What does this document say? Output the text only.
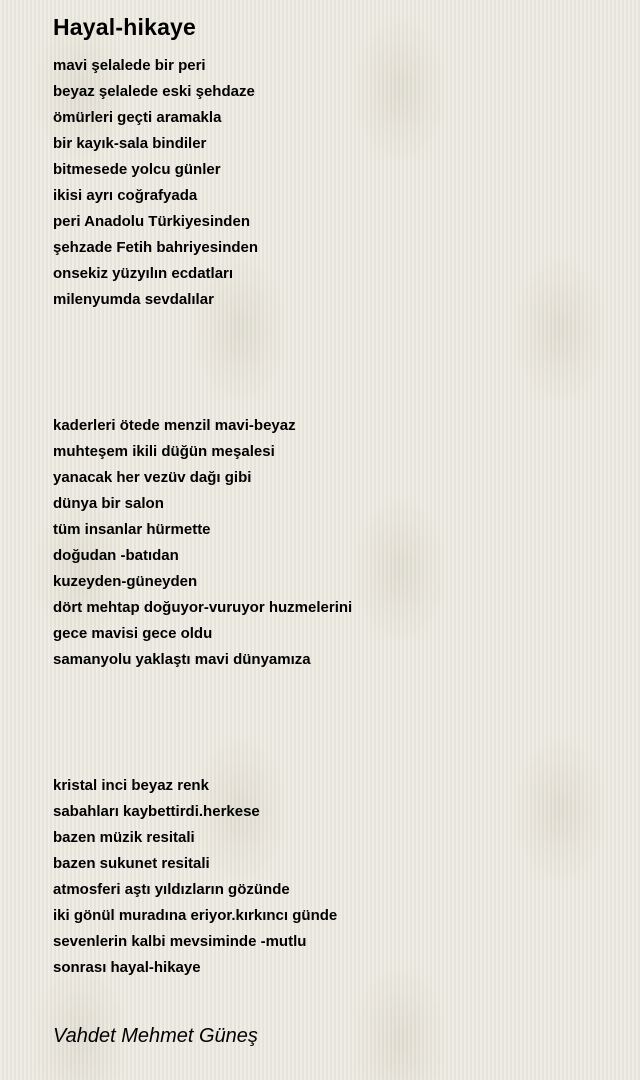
Hayal-hikaye
mavi şelalede bir peri
beyaz şelalede eski şehdaze
ömürleri geçti aramakla
bir kayık-sala bindiler
bitmesede yolcu günler
ikisi ayrı coğrafyada
peri Anadolu Türkiyesinden
şehzade Fetih bahriyesinden
onsekiz yüzyılın ecdatları
milenyumda sevdalılar
kaderleri ötede menzil mavi-beyaz
muhteşem ikili düğün meşalesi
yanacak her vezüv dağı gibi
dünya bir salon
tüm insanlar hürmette
doğudan -batıdan
kuzeyden-güneyden
dört mehtap doğuyor-vuruyor huzmelerini
gece mavisi gece oldu
samanyolu yaklaştı mavi dünyamıza
kristal inci beyaz renk
sabahları kaybettirdi.herkese
bazen müzik resitali
bazen sukunet resitali
atmosferi aştı yıldızların gözünde
iki gönül muradına eriyor.kırkıncı günde
sevenlerin kalbi mevsiminde -mutlu
sonrası hayal-hikaye
Vahdet Mehmet Güneş
